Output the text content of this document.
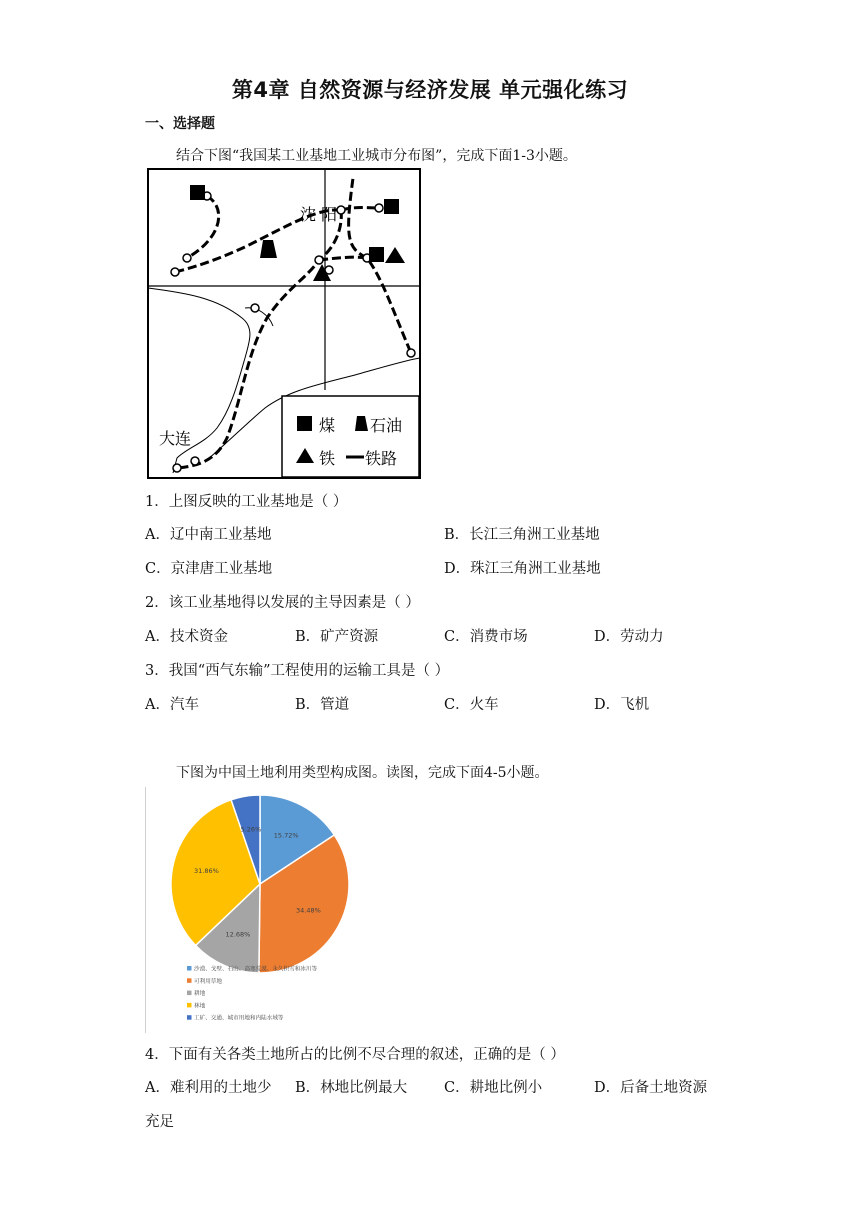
第4章 自然资源与经济发展 单元强化练习
一、选择题
结合下图“我国某工业基地工业城市分布图”，完成下面1-3小题。
沈 阳
大连
煤 石油
铁 铁路
1．上图反映的工业基地是（ ）
A．辽中南工业基地	B．长江三角洲工业基地
C．京津唐工业基地	D．珠江三角洲工业基地
2．该工业基地得以发展的主导因素是（ ）
A．技术资金	B．矿产资源	C．消费市场	D．劳动力
3．我国“西气东输”工程使用的运输工具是（ ）
A．汽车	B．管道	C．火车	D．飞机
下图为中国土地利用类型构成图。读图，完成下面4-5小题。
15.72%
34.48%
12.68%
31.86%
5.26%
沙漠、戈壁、石山、高寒荒漠、永久积雪和冰川等
可利用草地
耕地
林地
工矿、交通、城市用地和内陆水域等
4．下面有关各类土地所占的比例不尽合理的叙述，正确的是（ ）
A．难利用的土地少 B．林地比例最大	C．耕地比例小	D．后备土地资源
充足
